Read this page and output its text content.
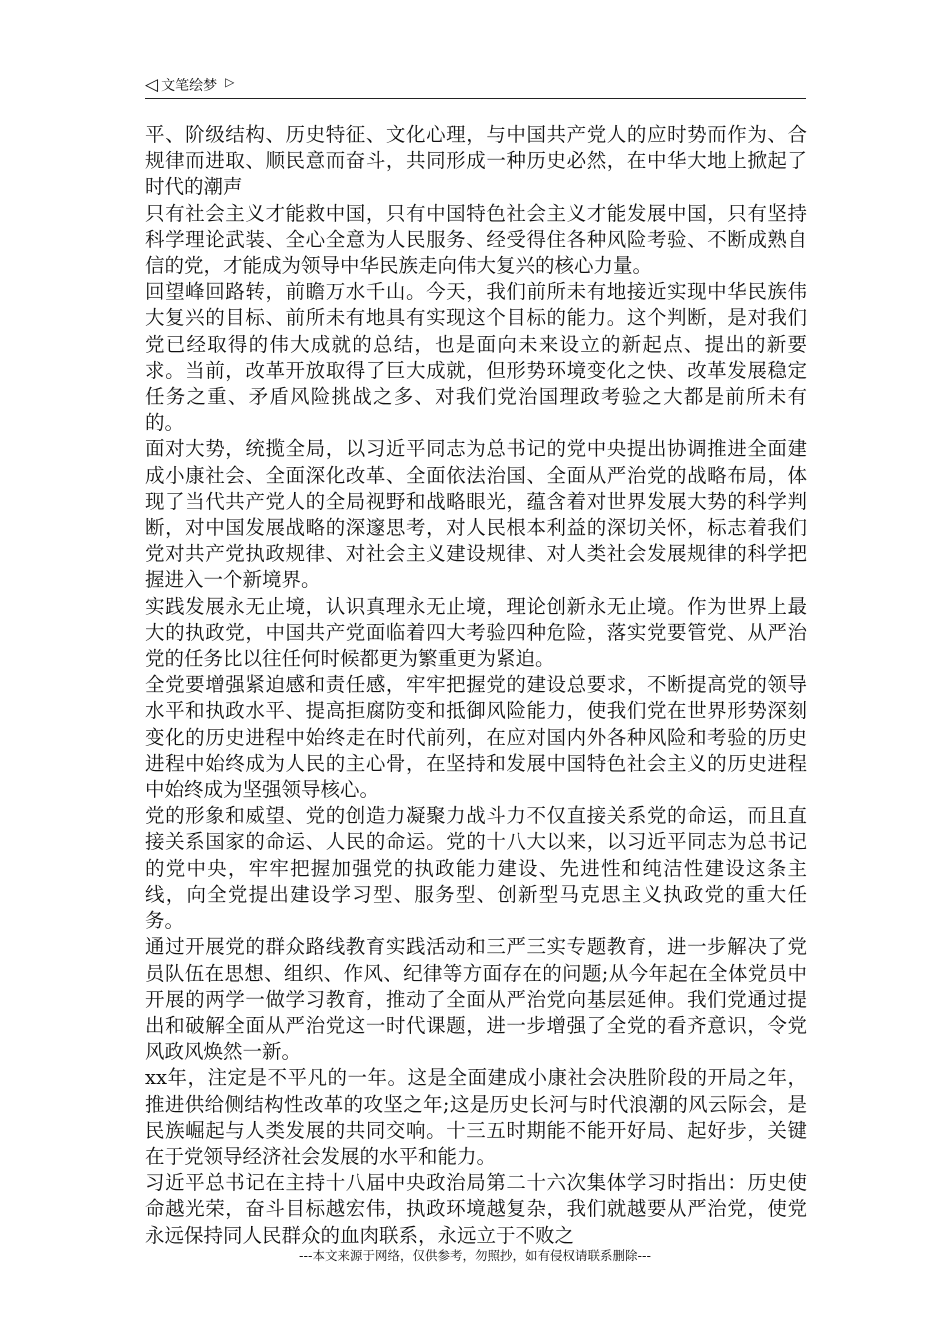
◁ 文笔绘梦 ▷

平、阶级结构、历史特征、文化心理，与中国共产党人的应时势而作为、合规律而进取、顺民意而奋斗，共同形成一种历史必然，在中华大地上掀起了时代的潮声

只有社会主义才能救中国，只有中国特色社会主义才能发展中国，只有坚持科学理论武装、全心全意为人民服务、经受得住各种风险考验、不断成熟自信的党，才能成为领导中华民族走向伟大复兴的核心力量。

回望峰回路转，前瞻万水千山。今天，我们前所未有地接近实现中华民族伟大复兴的目标、前所未有地具有实现这个目标的能力。这个判断，是对我们党已经取得的伟大成就的总结，也是面向未来设立的新起点、提出的新要求。当前，改革开放取得了巨大成就，但形势环境变化之快、改革发展稳定任务之重、矛盾风险挑战之多、对我们党治国理政考验之大都是前所未有的。

面对大势，统揽全局，以习近平同志为总书记的党中央提出协调推进全面建成小康社会、全面深化改革、全面依法治国、全面从严治党的战略布局，体现了当代共产党人的全局视野和战略眼光，蕴含着对世界发展大势的科学判断，对中国发展战略的深邃思考，对人民根本利益的深切关怀，标志着我们党对共产党执政规律、对社会主义建设规律、对人类社会发展规律的科学把握进入一个新境界。

实践发展永无止境，认识真理永无止境，理论创新永无止境。作为世界上最大的执政党，中国共产党面临着四大考验四种危险，落实党要管党、从严治党的任务比以往任何时候都更为繁重更为紧迫。

全党要增强紧迫感和责任感，牢牢把握党的建设总要求，不断提高党的领导水平和执政水平、提高拒腐防变和抵御风险能力，使我们党在世界形势深刻变化的历史进程中始终走在时代前列，在应对国内外各种风险和考验的历史进程中始终成为人民的主心骨，在坚持和发展中国特色社会主义的历史进程中始终成为坚强领导核心。

党的形象和威望、党的创造力凝聚力战斗力不仅直接关系党的命运，而且直接关系国家的命运、人民的命运。党的十八大以来，以习近平同志为总书记的党中央，牢牢把握加强党的执政能力建设、先进性和纯洁性建设这条主线，向全党提出建设学习型、服务型、创新型马克思主义执政党的重大任务。

通过开展党的群众路线教育实践活动和三严三实专题教育，进一步解决了党员队伍在思想、组织、作风、纪律等方面存在的问题;从今年起在全体党员中开展的两学一做学习教育，推动了全面从严治党向基层延伸。我们党通过提出和破解全面从严治党这一时代课题，进一步增强了全党的看齐意识，令党风政风焕然一新。

xx年，注定是不平凡的一年。这是全面建成小康社会决胜阶段的开局之年，推进供给侧结构性改革的攻坚之年;这是历史长河与时代浪潮的风云际会，是民族崛起与人类发展的共同交响。十三五时期能不能开好局、起好步，关键在于党领导经济社会发展的水平和能力。

习近平总书记在主持十八届中央政治局第二十六次集体学习时指出：历史使命越光荣，奋斗目标越宏伟，执政环境越复杂，我们就越要从严治党，使党永远保持同人民群众的血肉联系，永远立于不败之

---本文来源于网络，仅供参考，勿照抄，如有侵权请联系删除---
